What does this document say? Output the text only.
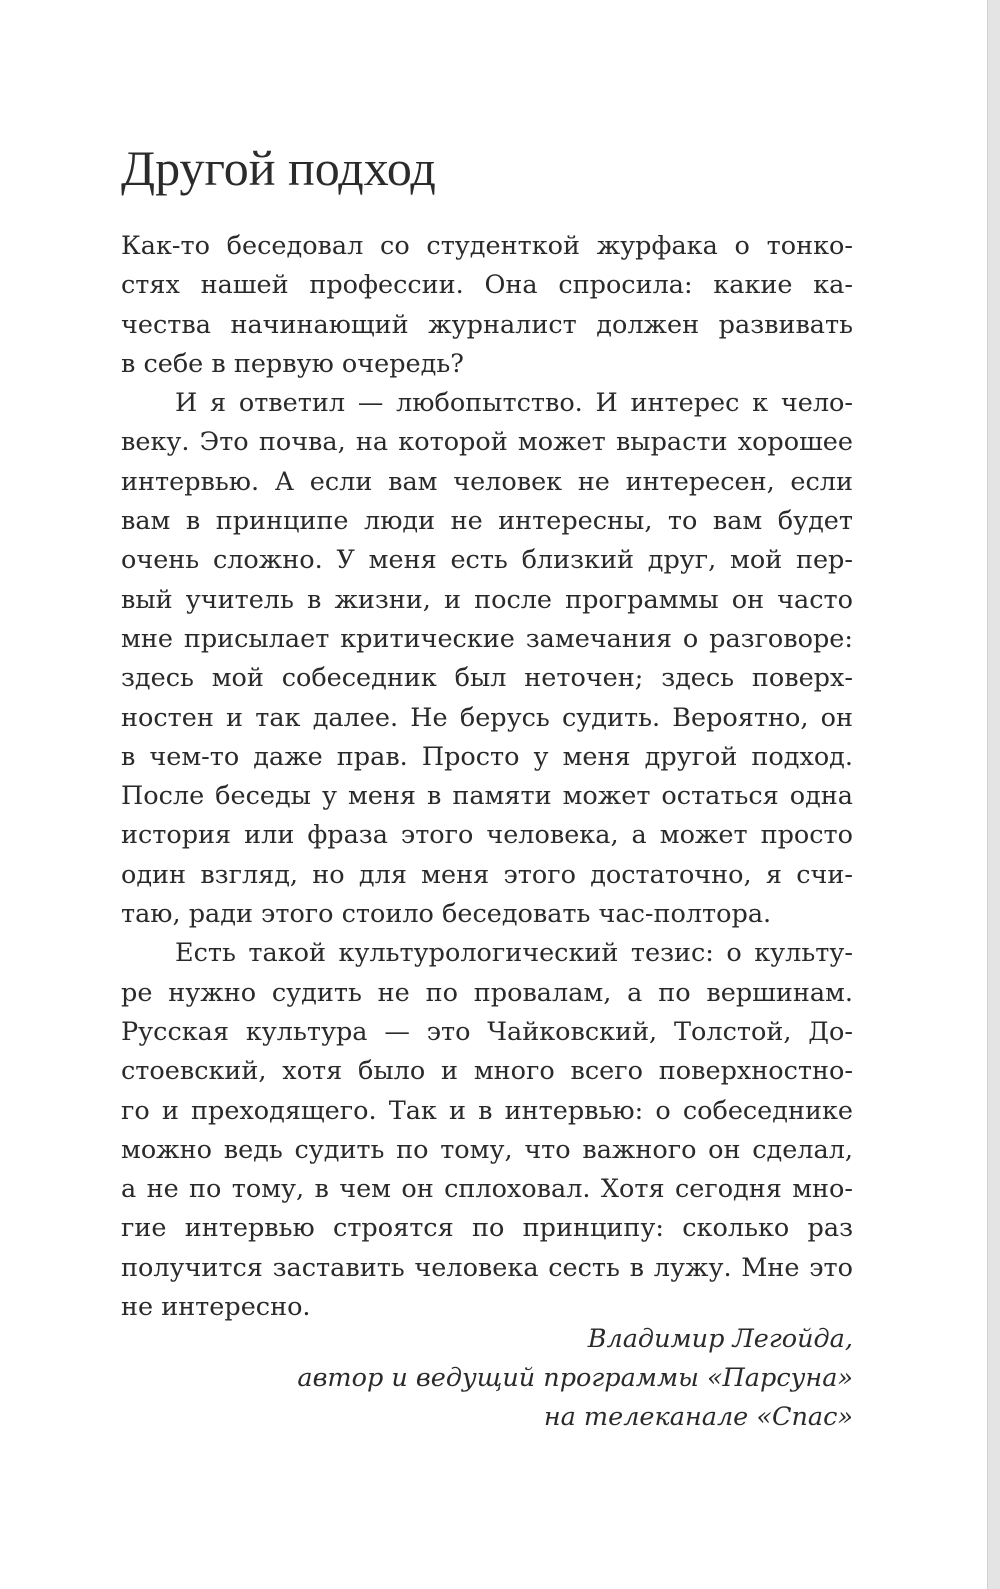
Другой подход

Как-то беседовал со студенткой журфака о тонко-
стях нашей профессии. Она спросила: какие ка-
чества начинающий журналист должен развивать
в себе в первую очередь?

И я ответил — любопытство. И интерес к чело-
веку. Это почва, на которой может вырасти хорошее
интервью. А если вам человек не интересен, если
вам в принципе люди не интересны, то вам будет
очень сложно. У меня есть близкий друг, мой пер-
вый учитель в жизни, и после программы он часто
мне присылает критические замечания о разговоре:
здесь мой собеседник был неточен; здесь поверх-
ностен и так далее. Не берусь судить. Вероятно, он
в чем-то даже прав. Просто у меня другой подход.
После беседы у меня в памяти может остаться одна
история или фраза этого человека, а может просто
один взгляд, но для меня этого достаточно, я счи-
таю, ради этого стоило беседовать час-полтора.

Есть такой культурологический тезис: о культу-
ре нужно судить не по провалам, а по вершинам.
Русская культура — это Чайковский, Толстой, До-
стоевский, хотя было и много всего поверхностно-
го и преходящего. Так и в интервью: о собеседнике
можно ведь судить по тому, что важного он сделал,
а не по тому, в чем он сплоховал. Хотя сегодня мно-
гие интервью строятся по принципу: сколько раз
получится заставить человека сесть в лужу. Мне это
не интересно.

Владимир Легойда,
автор и ведущий программы «Парсуна»
на телеканале «Спас»
